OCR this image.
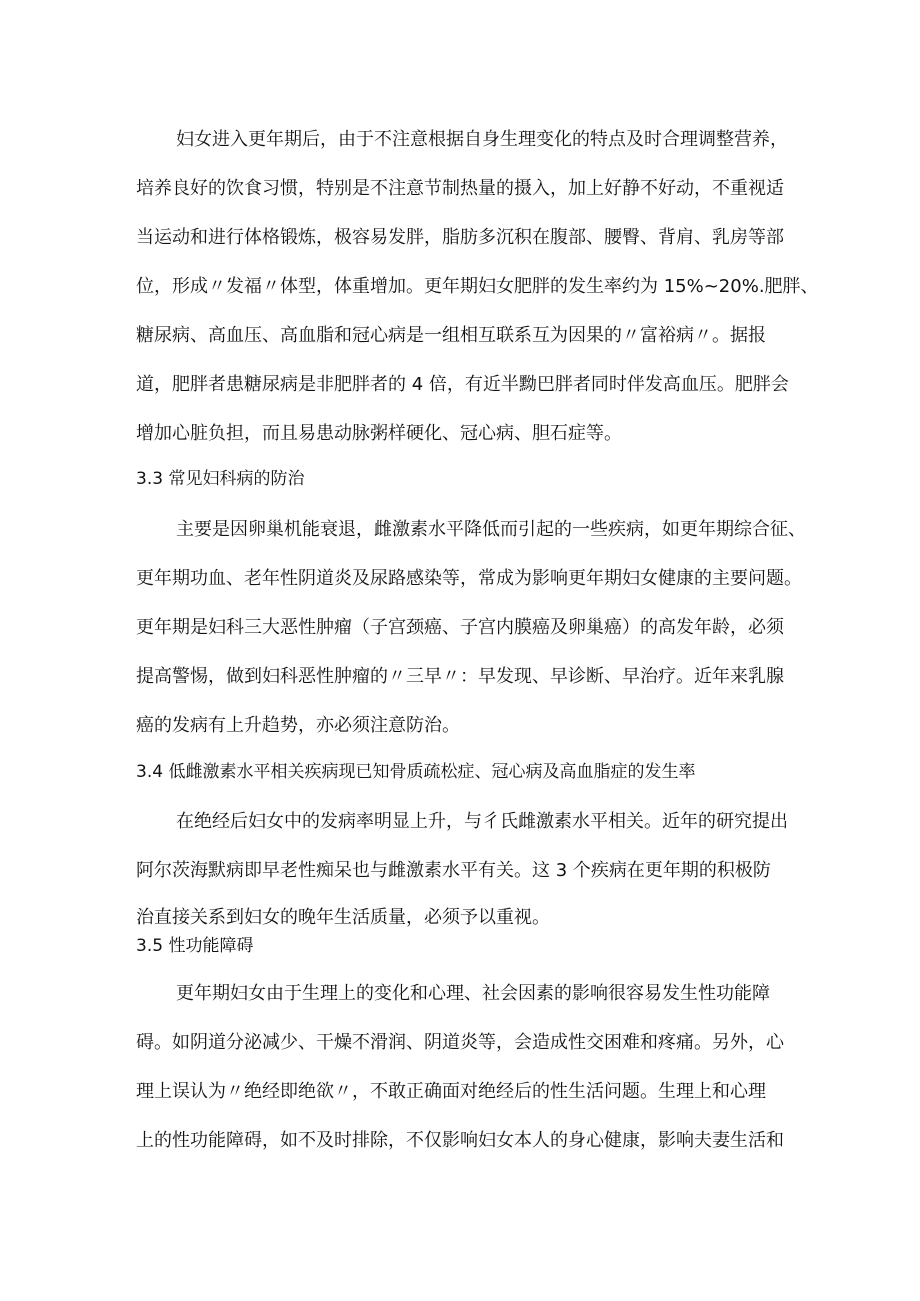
妇女进入更年期后，由于不注意根据自身生理变化的特点及时合理调整营养，
培养良好的饮食习惯，特别是不注意节制热量的摄入，加上好静不好动，不重视适
当运动和进行体格锻炼，极容易发胖，脂肪多沉积在腹部、腰臀、背肩、乳房等部
位，形成〃发福〃体型，体重增加。更年期妇女肥胖的发生率约为 15%~20%.肥胖、
糖尿病、高血压、高血脂和冠心病是一组相互联系互为因果的〃富裕病〃。据报
道，肥胖者患糖尿病是非肥胖者的 4 倍，有近半黝巴胖者同时伴发高血压。肥胖会
增加心脏负担，而且易患动脉粥样硬化、冠心病、胆石症等。
3.3 常见妇科病的防治
主要是因卵巢机能衰退，雌激素水平降低而引起的一些疾病，如更年期综合征、
更年期功血、老年性阴道炎及尿路感染等，常成为影响更年期妇女健康的主要问题。
更年期是妇科三大恶性肿瘤（子宫颈癌、子宫内膜癌及卵巢癌）的高发年龄，必须
提高警惕，做到妇科恶性肿瘤的〃三早〃：早发现、早诊断、早治疗。近年来乳腺
癌的发病有上升趋势，亦必须注意防治。
3.4 低雌激素水平相关疾病现已知骨质疏松症、冠心病及高血脂症的发生率
在绝经后妇女中的发病率明显上升，与彳氏雌激素水平相关。近年的研究提出
阿尔茨海默病即早老性痴呆也与雌激素水平有关。这 3 个疾病在更年期的积极防
治直接关系到妇女的晚年生活质量，必须予以重视。
3.5 性功能障碍
更年期妇女由于生理上的变化和心理、社会因素的影响很容易发生性功能障
碍。如阴道分泌减少、干燥不滑润、阴道炎等，会造成性交困难和疼痛。另外，心
理上误认为〃绝经即绝欲〃，不敢正确面对绝经后的性生活问题。生理上和心理
上的性功能障碍，如不及时排除，不仅影响妇女本人的身心健康，影响夫妻生活和
